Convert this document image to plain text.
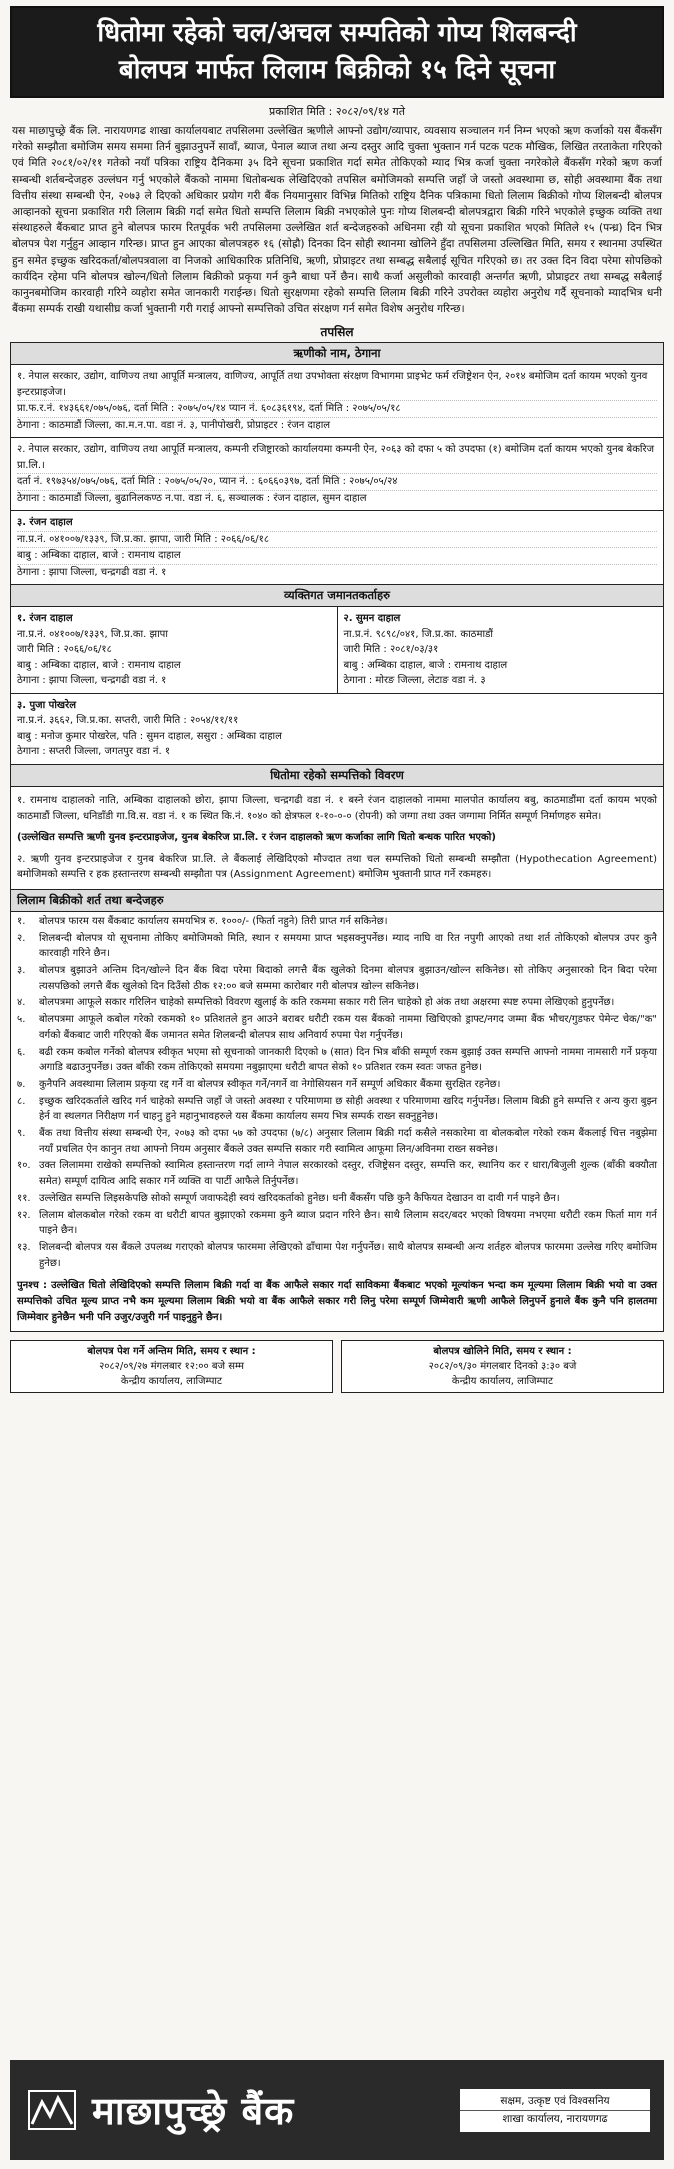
धितोमा रहेको चल/अचल सम्पतिको गोप्य शिलबन्दी
बोलपत्र मार्फत लिलाम बिक्रीको १५ दिने सूचना
प्रकाशित मिति : २०८२/०९/१४ गते
यस माछापुच्छ्रे बैंक लि. नारायणगढ शाखा कार्यालयबाट तपसिलमा उल्लेखित ऋणीले आफ्नो उद्योग/व्यापार, व्यवसाय सञ्चालन गर्न निम्न भएको ऋण कर्जाको यस बैंकसँग गरेको सम्झौता बमोजिम समय सममा तिर्न बुझाउनुपर्ने सावाँ, ब्याज, पेनाल ब्याज तथा अन्य दस्तुर आदि चुक्ता भुक्तान गर्न पटक पटक मौखिक, लिखित तरताकेता गरिएको एवं मिति २०८१/०२/११ गतेको नयाँ पत्रिका राष्ट्रिय दैनिकमा ३५ दिने सूचना प्रकाशित गर्दा समेत तोकिएको म्याद भित्र कर्जा चुक्ता नगरेकोले बैंकसँग गरेको ऋण कर्जा सम्बन्धी शर्तबन्देजहरु उल्लंघन गर्नु भएकोले बैंकको नाममा धितोबन्धक लेखिदिएको तपसिल बमोजिमको सम्पत्ति जहाँ जे जस्तो अवस्थामा छ, सोही अवस्थामा बैंक तथा वित्तीय संस्था सम्बन्धी ऐन, २०७३ ले दिएको अधिकार प्रयोग गरी बैंक नियमानुसार विभिन्न मितिको राष्ट्रिय दैनिक पत्रिकामा धितो लिलाम बिक्रीको गोप्य शिलबन्दी बोलपत्र आव्हानको सूचना प्रकाशित गरी लिलाम बिक्री गर्दा समेत धितो सम्पत्ति लिलाम बिक्री नभएकोले पुनः गोप्य शिलबन्दी बोलपत्रद्वारा बिक्री गरिने भएकोले इच्छुक व्यक्ति तथा संस्थाहरुले बैंकबाट प्राप्त हुने बोलपत्र फारम रितपूर्वक भरी तपसिलमा उल्लेखित शर्त बन्देजहरुको अधिनमा रही यो सूचना प्रकाशित भएको मितिले १५ (पन्ध्र) दिन भित्र बोलपत्र पेश गर्नुहुन आव्हान गरिन्छ। प्राप्त हुन आएका बोलपत्रहरु १६ (सोह्रौ) दिनका दिन सोही स्थानमा खोलिने हुँदा तपसिलमा उल्लिखित मिति, समय र स्थानमा उपस्थित हुन समेत इच्छुक खरिदकर्ता/बोलपत्रवाला वा निजको आधिकारिक प्रतिनिधि, ऋणी, प्रोप्राइटर तथा सम्बद्ध सबैलाई सूचित गरिएको छ। तर उक्त दिन विदा परेमा सोपछिको कार्यदिन रहेमा पनि बोलपत्र खोल्न/धितो लिलाम बिक्रीको प्रकृया गर्न कुनै बाधा पर्ने छैन। साथै कर्जा असुलीको कारवाही अन्तर्गत ऋणी, प्रोप्राइटर तथा सम्बद्ध सबैलाई कानुनबमोजिम कारवाही गरिने व्यहोरा समेत जानकारी गराईन्छ। धितो सुरक्षणमा रहेको सम्पत्ति लिलाम बिक्री गरिने उपरोक्त व्यहोरा अनुरोध गर्दै सूचनाको म्यादभित्र धनी बैंकमा सम्पर्क राखी यथासीघ्र कर्जा भुक्तानी गरी गराई आफ्नो सम्पत्तिको उचित संरक्षण गर्न समेत विशेष अनुरोध गरिन्छ।
तपसिल
ऋणीको नाम, ठेगाना
१. नेपाल सरकार, उद्योग, वाणिज्य तथा आपूर्ति मन्त्रालय, वाणिज्य, आपूर्ति तथा उपभोक्ता संरक्षण विभागमा प्राइभेट फर्म रजिष्ट्रेशन ऐन, २०१४ बमोजिम दर्ता कायम भएको युनव इन्टरप्राइजेज।
प्रा.फ.र.नं. १४३६६१/०७५/०७६, दर्ता मिति : २०७५/०५/१४ प्यान नं. ६०८३६१९४, दर्ता मिति : २०७५/०५/१८
ठेगाना : काठमाडौं जिल्ला, का.म.न.पा. वडा नं. ३, पानीपोखरी, प्रोप्राइटर : रंजन दाहाल
२. नेपाल सरकार, उद्योग, वाणिज्य तथा आपूर्ति मन्त्रालय, कम्पनी रजिष्ट्रारको कार्यालयमा कम्पनी ऐन, २०६३ को दफा ५ को उपदफा (१) बमोजिम दर्ता कायम भएको युनब बेकरिज प्रा.लि.।
दर्ता नं. १९७३५४/०७५/०७६, दर्ता मिति : २०७५/०५/२०, प्यान नं. : ६०६६०३९७, दर्ता मिति : २०७५/०५/२४
ठेगाना : काठमाडौं जिल्ला, बुढानिलकण्ठ न.पा. वडा नं. ६, सञ्चालक : रंजन दाहाल, सुमन दाहाल
३. रंजन दाहाल
ना.प्र.नं. ०४१००७/१३३९, जि.प्र.का. झापा, जारी मिति : २०६६/०६/१८
बाबु : अम्बिका दाहाल, बाजे : रामनाथ दाहाल
ठेगाना : झापा जिल्ला, चन्द्रगढी वडा नं. १
व्यक्तिगत जमानतकर्ताहरु
१. रंजन दाहाल
ना.प्र.नं. ०४१००७/१३३९, जि.प्र.का. झापा
जारी मिति : २०६६/०६/१८
बाबु : अम्बिका दाहाल, बाजे : रामनाथ दाहाल
ठेगाना : झापा जिल्ला, चन्द्रगढी वडा नं. १
२. सुमन दाहाल
ना.प्र.नं. ९८९८/०४१, जि.प्र.का. काठमाडौं
जारी मिति : २०८१/०३/३१
बाबु : अम्बिका दाहाल, बाजे : रामनाथ दाहाल
ठेगाना : मोरङ जिल्ला, लेटाङ वडा नं. ३
३. पुजा पोखरेल
ना.प्र.नं. ३६६२, जि.प्र.का. सप्तरी, जारी मिति : २०५४/११/११
बाबु : मनोज कुमार पोखरेल, पति : सुमन दाहाल, ससुरा : अम्बिका दाहाल
ठेगाना : सप्तरी जिल्ला, जगतपुर वडा नं. १
धितोमा रहेको सम्पत्तिको विवरण
१. रामनाथ दाहालको नाति, अम्बिका दाहालको छोरा, झापा जिल्ला, चन्द्रगढी वडा नं. १ बस्ने रंजन दाहालको नाममा मालपोत कार्यालय बबु, काठमाडौंमा दर्ता कायम भएको काठमाडौं जिल्ला, धनिडाँडी गा.वि.स. वडा नं. १ क स्थित कि.नं. १०४० को क्षेत्रफल १-१०-०-० (रोपनी) को जग्गा तथा उक्त जग्गामा निर्मित सम्पूर्ण निर्माणहरु समेत।
(उल्लेखित सम्पत्ति ऋणी युनव इन्टरप्राइजेज, युनब बेकरिज प्रा.लि. र रंजन दाहालको ऋण कर्जाका लागि धितो बन्धक पारित भएको)
२. ऋणी युनव इन्टरप्राइजेज र युनब बेकरिज प्रा.लि. ले बैंकलाई लेखिदिएको मौज्दात तथा चल सम्पत्तिको धितो सम्बन्धी सम्झौता (Hypothecation Agreement) बमोजिमको सम्पत्ति र हक हस्तान्तरण सम्बन्धी सम्झौता पत्र (Assignment Agreement) बमोजिम भुक्तानी प्राप्त गर्ने रकमहरु।
लिलाम बिक्रीको शर्त तथा बन्देजहरु
१.	बोलपत्र फारम यस बैंकबाट कार्यालय समयभित्र रु. १०००/- (फिर्ता नहुने) तिरी प्राप्त गर्न सकिनेछ।
२.	शिलबन्दी बोलपत्र यो सूचनामा तोकिए बमोजिमको मिति, स्थान र समयमा प्राप्त भइसक्नुपर्नेछ। म्याद नाघि वा रित नपुगी आएको तथा शर्त तोकिएको बोलपत्र उपर कुनै कारवाही गरिने छैन।
३.	बोलपत्र बुझाउने अन्तिम दिन/खोल्ने दिन बैंक बिदा परेमा बिदाको लगत्तै बैंक खुलेको दिनमा बोलपत्र बुझाउन/खोल्न सकिनेछ। सो तोकिए अनुसारको दिन बिदा परेमा त्यसपछिको लगत्तै बैंक खुलेको दिन दिउँसो ठीक १२:०० बजे सम्ममा कारोबार गरी बोलपत्र खोल्न सकिनेछ।
४.	बोलपत्रमा आफूले सकार गरिलिन चाहेको सम्पत्तिको विवरण खुलाई के कति रकममा सकार गरी लिन चाहेको हो अंक तथा अक्षरमा स्पष्ट रुपमा लेखिएको हुनुपर्नेछ।
५.	बोलपत्रमा आफूले कबोल गरेको रकमको १० प्रतिशतले हुन आउने बराबर धरौटी रकम यस बैंकको नाममा खिचिएको ड्राफ्ट/नगद जम्मा बैंक भौचर/गुडफर पेमेन्ट चेक/"क" वर्गको बैंकबाट जारी गरिएको बैंक जमानत समेत शिलबन्दी बोलपत्र साथ अनिवार्य रुपमा पेश गर्नुपर्नेछ।
६.	बढी रकम कबोल गर्नेको बोलपत्र स्वीकृत भएमा सो सूचनाको जानकारी दिएको ७ (सात) दिन भित्र बाँकी सम्पूर्ण रकम बुझाई उक्त सम्पत्ति आफ्नो नाममा नामसारी गर्ने प्रकृया अगाडि बढाउनुपर्नेछ। उक्त बाँकी रकम तोकिएको समयमा नबुझाएमा धरौटी बापत सेको १० प्रतिशत रकम स्वतः जफत हुनेछ।
७.	कुनैपनि अवस्थामा लिलाम प्रकृया रद्द गर्ने वा बोलपत्र स्वीकृत गर्ने/नगर्ने वा नेगोसियसन गर्ने सम्पूर्ण अधिकार बैंकमा सुरक्षित रहनेछ।
८.	इच्छुक खरिदकर्ताले खरिद गर्न चाहेको सम्पत्ति जहाँ जे जस्तो अवस्था र परिमाणमा छ सोही अवस्था र परिमाणमा खरिद गर्नुपर्नेछ। लिलाम बिक्री हुने सम्पत्ति र अन्य कुरा बुझ्न हेर्न वा स्थलगत निरीक्षण गर्न चाहनु हुने महानुभावहरुले यस बैंकमा कार्यालय समय भित्र सम्पर्क राख्न सक्नुहुनेछ।
९.	बैंक तथा वित्तीय संस्था सम्बन्धी ऐन, २०७३ को दफा ५७ को उपदफा (७/८) अनुसार लिलाम बिक्री गर्दा कसैले नसकारेमा वा बोलकबोल गरेको रकम बैंकलाई चित्त नबुझेमा नयाँ प्रचलित ऐन कानुन तथा आफ्नो नियम अनुसार बैंकले उक्त सम्पत्ति सकार गरी स्वामित्व आफूमा लिन/अविनमा राख्न सक्नेछ।
१०. उक्त लिलाममा राखेको सम्पत्तिको स्वामित्व हस्तान्तरण गर्दा लाग्ने नेपाल सरकारको दस्तुर, रजिष्ट्रेसन दस्तुर, सम्पत्ति कर, स्थानिय कर र धारा/बिजुली शुल्क (बाँकी बक्यौता समेत) सम्पूर्ण दायित्व आदि सकार गर्ने व्यक्ति वा पार्टी आफैले तिर्नुपर्नेछ।
११. उल्लेखित सम्पत्ति लिइसकेपछि सोको सम्पूर्ण जवाफदेही स्वयं खरिदकर्ताको हुनेछ। धनी बैंकसँग पछि कुनै कैफियत देखाउन वा दावी गर्न पाइने छैन।
१२. लिलाम बोलकबोल गरेको रकम वा धरौटी बापत बुझाएको रकममा कुनै ब्याज प्रदान गरिने छैन। साथै लिलाम सदर/बदर भएको विषयमा नभएमा धरौटी रकम फिर्ता माग गर्न पाइने छैन।
१३. शिलबन्दी बोलपत्र यस बैंकले उपलब्ध गराएको बोलपत्र फारममा लेखिएको ढाँचामा पेश गर्नुपर्नेछ। साथै बोलपत्र सम्बन्धी अन्य शर्तहरु बोलपत्र फारममा उल्लेख गरिए बमोजिम हुनेछ।
पुनश्च : उल्लेखित धितो लेखिदिएको सम्पत्ति लिलाम बिक्री गर्दा वा बैंक आफैले सकार गर्दा साविकमा बैंकबाट भएको मूल्यांकन भन्दा कम मूल्यमा लिलाम बिक्री भयो वा उक्त सम्पत्तिको उचित मूल्य प्राप्त नभै कम मूल्यमा लिलाम बिक्री भयो वा बैंक आफैले सकार गरी लिनु परेमा सम्पूर्ण जिम्मेवारी ऋणी आफैले लिनुपर्ने हुनाले बैंक कुनै पनि हालतमा जिम्मेवार हुनेछैन भनी पनि उजुर/उजुरी गर्न पाइनुहुने छैन।
बोलपत्र पेश गर्ने अन्तिम मिति, समय र स्थान :
२०८२/०९/२७ मंगलबार १२:०० बजे सम्म
केन्द्रीय कार्यालय, लाजिम्पाट
बोलपत्र खोलिने मिति, समय र स्थान :
२०८२/०९/३० मंगलबार दिनको ३:३० बजे
केन्द्रीय कार्यालय, लाजिम्पाट
माछापुच्छ्रे बैंक	सक्षम, उत्कृष्ट एवं विश्वसनिय
शाखा कार्यालय, नारायणगढ
